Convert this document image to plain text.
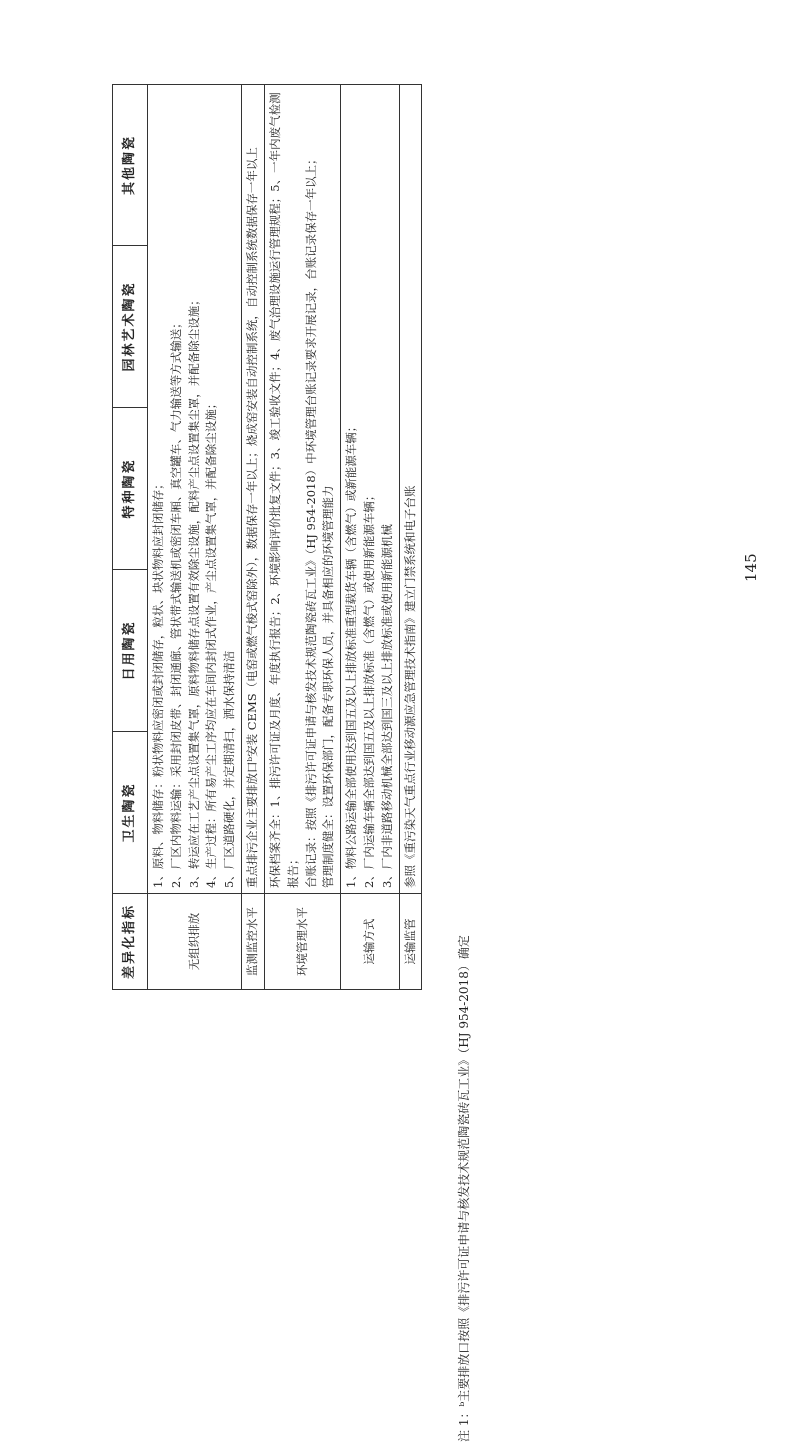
差异化指标	卫生陶瓷	日用陶瓷	特种陶瓷	园林艺术陶瓷	其他陶瓷
无组织排放	1、原料、物料储存：粉状物料应密闭或封闭储存，粒状、块状物料应封闭储存； 2、厂区内物料运输：采用封闭皮带、封闭通廊、管状带式输送机或密闭车厢、真空罐车、气力输送等方式输送； 3、转运应在工艺产尘点设置集气罩，原料物料储存点设置有效除尘设施，配料产尘点设置集尘罩，并配备除尘设施； 4、生产过程：所有易产尘工序均应在车间内封闭式作业，产尘点设置集气罩，并配备除尘设施； 5、厂区道路硬化，并定期清扫，洒水保持清洁				

监测监控水平	重点排污企业主要排放口ᵇ安装 CEMS（电窑或燃气梭式窑除外），数据保存一年以上；烧成窑安装自动控制系统，自动控制系统数据保存一年以上				
环境管理水平	环保档案齐全：1、排污许可证及月度、年度执行报告；2、环境影响评价批复文件；3、竣工验收文件；4、废气治理设施运行管理规程；5、一年内废气检测报告； 台账记录：按照《排污许可证申请与核发技术规范陶瓷砖瓦工业》（HJ 954-2018）中环境管理台账记录要求开展记录，台账记录保存一年以上； 管理制度健全：设置环保部门，配备专职环保人员，并具备相应的环境管理能力				
运输方式	1、物料公路运输全部使用达到国五及以上排放标准重型载货车辆（含燃气）或新能源车辆； 2、厂内运输车辆全部达到国五及以上排放标准（含燃气）或使用新能源车辆； 3、厂内非道路移动机械全部达到国三及以上排放标准或使用新能源机械				

运输监管	参照《重污染天气重点行业移动源应急管理技术指南》建立门禁系统和电子台账				
注 1：ᵇ主要排放口按照《排污许可证申请与核发技术规范陶瓷砖瓦工业》（HJ 954-2018）确定
145
